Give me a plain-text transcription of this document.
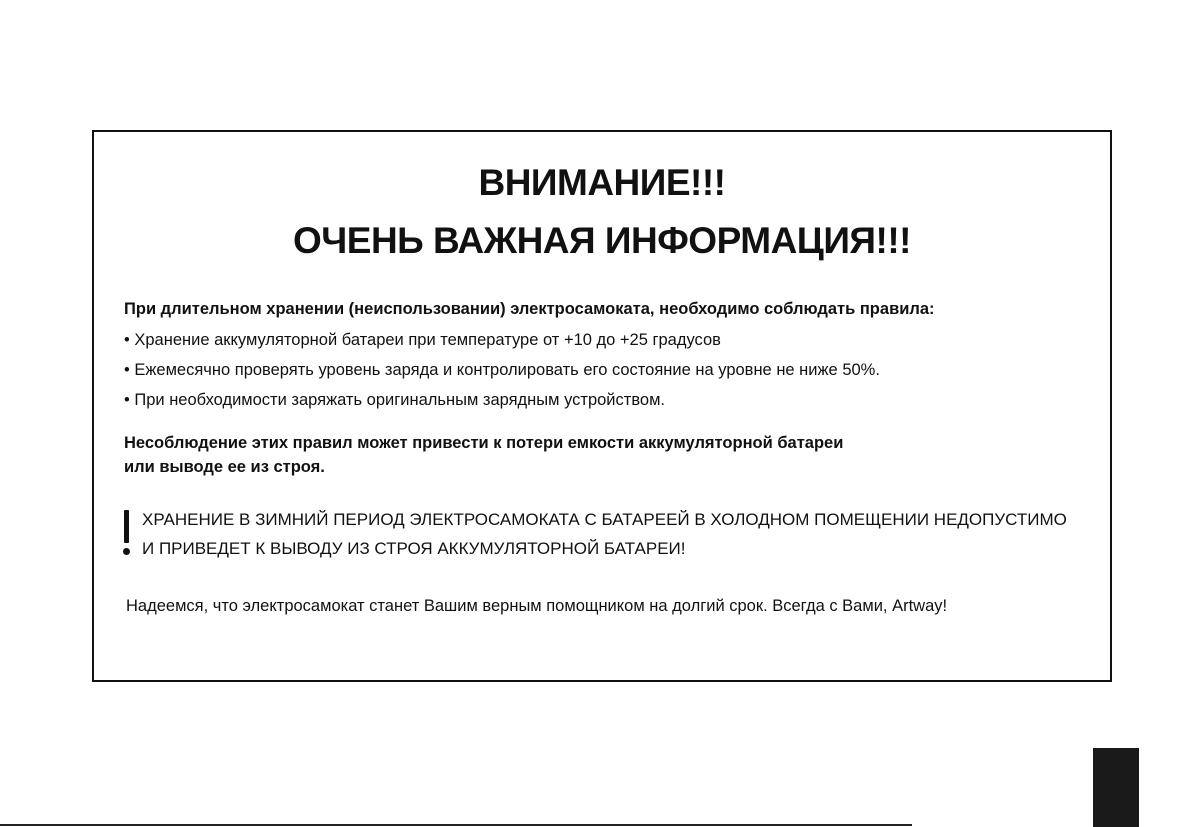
ВНИМАНИЕ!!!
ОЧЕНЬ ВАЖНАЯ ИНФОРМАЦИЯ!!!
При длительном хранении (неиспользовании) электросамоката, необходимо соблюдать правила:
• Хранение аккумуляторной батареи при температуре от +10 до +25 градусов
• Ежемесячно проверять уровень заряда и контролировать его состояние на уровне не ниже 50%.
• При необходимости заряжать оригинальным зарядным устройством.
Несоблюдение этих правил может привести к потери емкости аккумуляторной батареи
или выводе ее из строя.
ХРАНЕНИЕ В ЗИМНИЙ ПЕРИОД ЭЛЕКТРОСАМОКАТА С БАТАРЕЕЙ В ХОЛОДНОМ ПОМЕЩЕНИИ НЕДОПУСТИМО
И ПРИВЕДЕТ К ВЫВОДУ ИЗ СТРОЯ АККУМУЛЯТОРНОЙ БАТАРЕИ!
Надеемся, что электросамокат станет Вашим верным помощником на долгий срок. Всегда с Вами, Artway!
